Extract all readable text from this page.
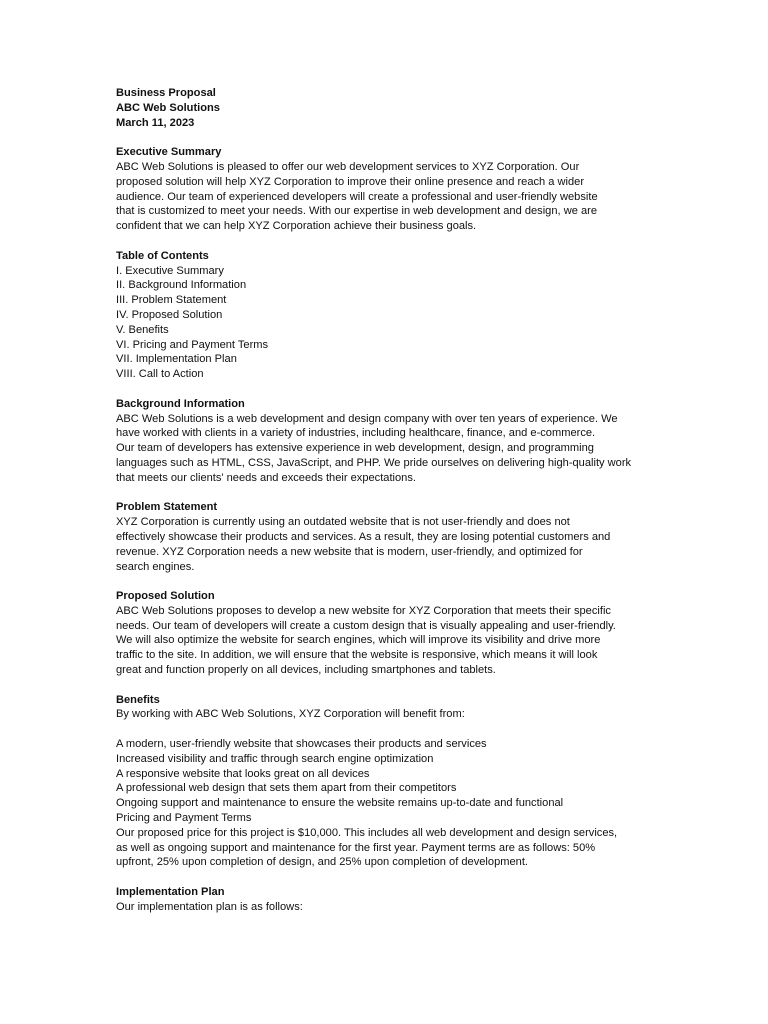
Business Proposal
ABC Web Solutions
March 11, 2023
Executive Summary
ABC Web Solutions is pleased to offer our web development services to XYZ Corporation. Our
proposed solution will help XYZ Corporation to improve their online presence and reach a wider
audience. Our team of experienced developers will create a professional and user-friendly website
that is customized to meet your needs. With our expertise in web development and design, we are
confident that we can help XYZ Corporation achieve their business goals.
Table of Contents
I. Executive Summary
II. Background Information
III. Problem Statement
IV. Proposed Solution
V. Benefits
VI. Pricing and Payment Terms
VII. Implementation Plan
VIII. Call to Action
Background Information
ABC Web Solutions is a web development and design company with over ten years of experience. We
have worked with clients in a variety of industries, including healthcare, finance, and e-commerce.
Our team of developers has extensive experience in web development, design, and programming
languages such as HTML, CSS, JavaScript, and PHP. We pride ourselves on delivering high-quality work
that meets our clients' needs and exceeds their expectations.
Problem Statement
XYZ Corporation is currently using an outdated website that is not user-friendly and does not
effectively showcase their products and services. As a result, they are losing potential customers and
revenue. XYZ Corporation needs a new website that is modern, user-friendly, and optimized for
search engines.
Proposed Solution
ABC Web Solutions proposes to develop a new website for XYZ Corporation that meets their specific
needs. Our team of developers will create a custom design that is visually appealing and user-friendly.
We will also optimize the website for search engines, which will improve its visibility and drive more
traffic to the site. In addition, we will ensure that the website is responsive, which means it will look
great and function properly on all devices, including smartphones and tablets.
Benefits
By working with ABC Web Solutions, XYZ Corporation will benefit from:
A modern, user-friendly website that showcases their products and services
Increased visibility and traffic through search engine optimization
A responsive website that looks great on all devices
A professional web design that sets them apart from their competitors
Ongoing support and maintenance to ensure the website remains up-to-date and functional
Pricing and Payment Terms
Our proposed price for this project is $10,000. This includes all web development and design services,
as well as ongoing support and maintenance for the first year. Payment terms are as follows: 50%
upfront, 25% upon completion of design, and 25% upon completion of development.
Implementation Plan
Our implementation plan is as follows:
